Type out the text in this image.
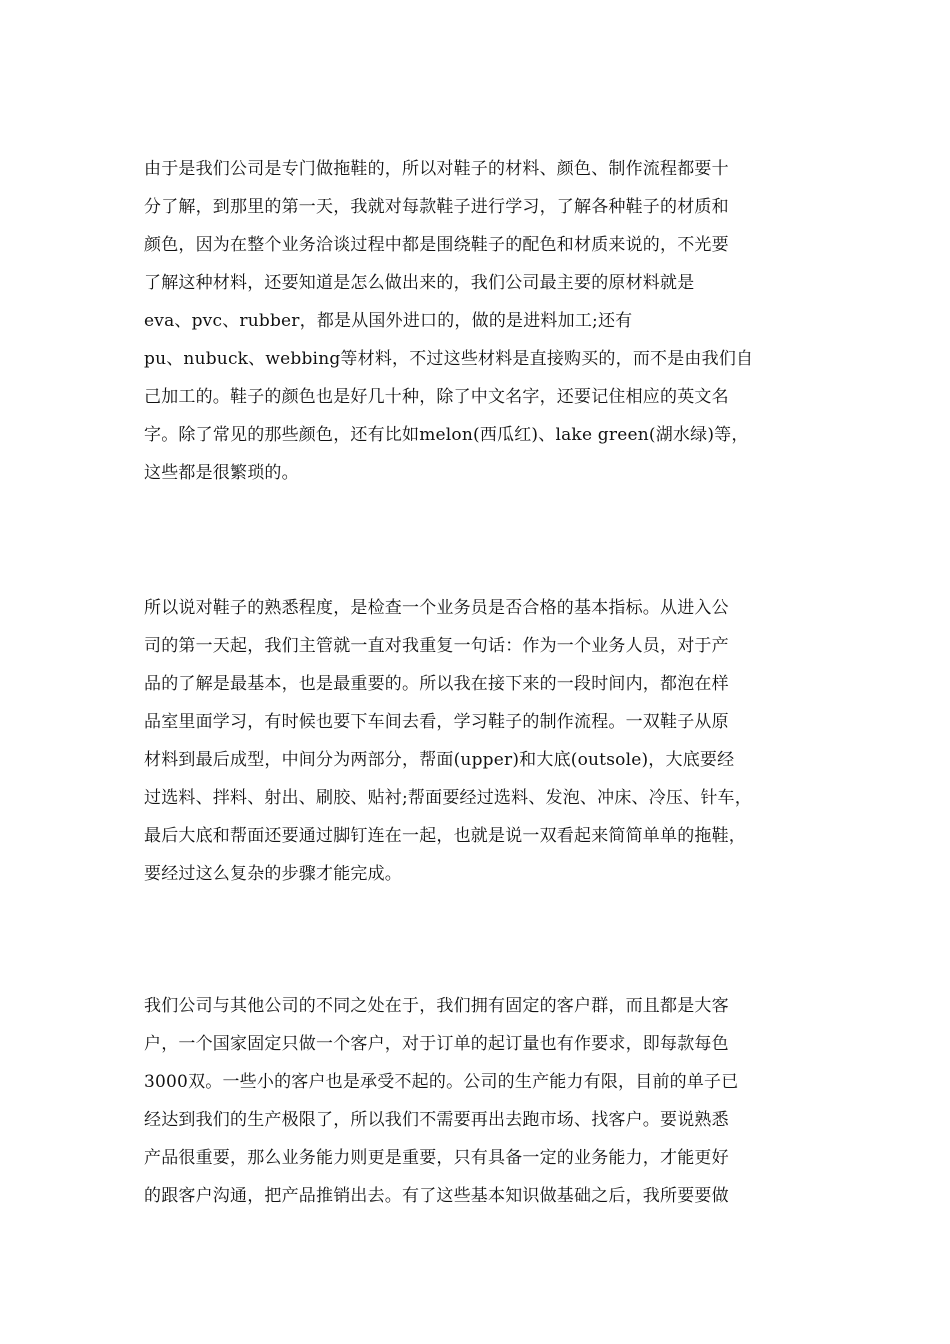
由于是我们公司是专门做拖鞋的，所以对鞋子的材料、颜色、制作流程都要十
分了解，到那里的第一天，我就对每款鞋子进行学习，了解各种鞋子的材质和
颜色，因为在整个业务洽谈过程中都是围绕鞋子的配色和材质来说的，不光要
了解这种材料，还要知道是怎么做出来的，我们公司最主要的原材料就是
eva、pvc、rubber，都是从国外进口的，做的是进料加工;还有
pu、nubuck、webbing等材料，不过这些材料是直接购买的，而不是由我们自
己加工的。鞋子的颜色也是好几十种，除了中文名字，还要记住相应的英文名
字。除了常见的那些颜色，还有比如melon(西瓜红)、lake green(湖水绿)等，
这些都是很繁琐的。
所以说对鞋子的熟悉程度，是检查一个业务员是否合格的基本指标。从进入公
司的第一天起，我们主管就一直对我重复一句话：作为一个业务人员，对于产
品的了解是最基本，也是最重要的。所以我在接下来的一段时间内，都泡在样
品室里面学习，有时候也要下车间去看，学习鞋子的制作流程。一双鞋子从原
材料到最后成型，中间分为两部分，帮面(upper)和大底(outsole)，大底要经
过选料、拌料、射出、刷胶、贴衬;帮面要经过选料、发泡、冲床、冷压、针车，
最后大底和帮面还要通过脚钉连在一起，也就是说一双看起来简简单单的拖鞋，
要经过这么复杂的步骤才能完成。
我们公司与其他公司的不同之处在于，我们拥有固定的客户群，而且都是大客
户，一个国家固定只做一个客户，对于订单的起订量也有作要求，即每款每色
3000双。一些小的客户也是承受不起的。公司的生产能力有限，目前的单子已
经达到我们的生产极限了，所以我们不需要再出去跑市场、找客户。要说熟悉
产品很重要，那么业务能力则更是重要，只有具备一定的业务能力，才能更好
的跟客户沟通，把产品推销出去。有了这些基本知识做基础之后，我所要要做
